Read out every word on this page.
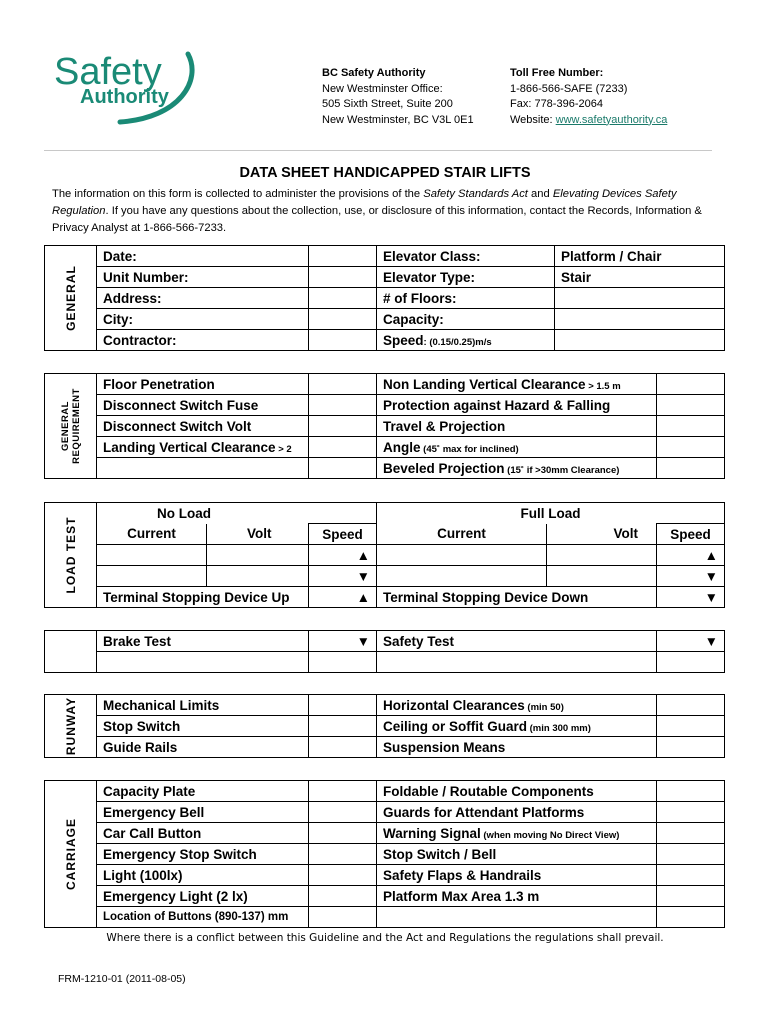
Safety
Authority
BC Safety Authority
New Westminster Office:
505 Sixth Street, Suite 200
New Westminster, BC V3L 0E1
Toll Free Number:
1-866-566-SAFE (7233)
Fax: 778-396-2064
Website: www.safetyauthority.ca
DATA SHEET HANDICAPPED STAIR LIFTS
The information on this form is collected to administer the provisions of the Safety Standards Act and Elevating Devices Safety Regulation. If you have any questions about the collection, use, or disclosure of this information, contact the Records, Information & Privacy Analyst at 1-866-566-7233.
GENERAL	Date:		Elevator Class:	Platform / Chair
	Unit Number:		Elevator Type:	Stair
	Address:		# of Floors:	
	City:		Capacity:	
	Contractor:		Speed: (0.15/0.25)m/s	
GENERAL
REQUIREMENT	Floor Penetration		Non Landing Vertical Clearance > 1.5 m	
	Disconnect Switch Fuse		Protection against Hazard & Falling	
	Disconnect Switch Volt		Travel & Projection	
	Landing Vertical Clearance > 2		Angle (45˚ max for inclined)	
			Beveled Projection (15˚ if >30mm Clearance)	
LOAD TEST	No Load			Full Load		
	Current	Volt	Speed	Current	Volt	Speed
			▲			▲
			▼			▼
	Terminal Stopping Device Up		▲	Terminal Stopping Device Down		▼
	Brake Test	▼	Safety Test	▼

RUNWAY	Mechanical Limits		Horizontal Clearances (min 50)	
	Stop Switch		Ceiling or Soffit Guard (min 300 mm)	
	Guide Rails		Suspension Means	
CARRIAGE	Capacity Plate		Foldable / Routable Components	
	Emergency Bell		Guards for Attendant Platforms	
	Car Call Button		Warning Signal (when moving No Direct View)	
	Emergency Stop Switch		Stop Switch / Bell	
	Light (100lx)		Safety Flaps & Handrails	
	Emergency Light (2 lx)		Platform Max Area 1.3 m	
	Location of Buttons (890-137) mm			
Where there is a conflict between this Guideline and the Act and Regulations the regulations shall prevail.
FRM-1210-01 (2011-08-05)
